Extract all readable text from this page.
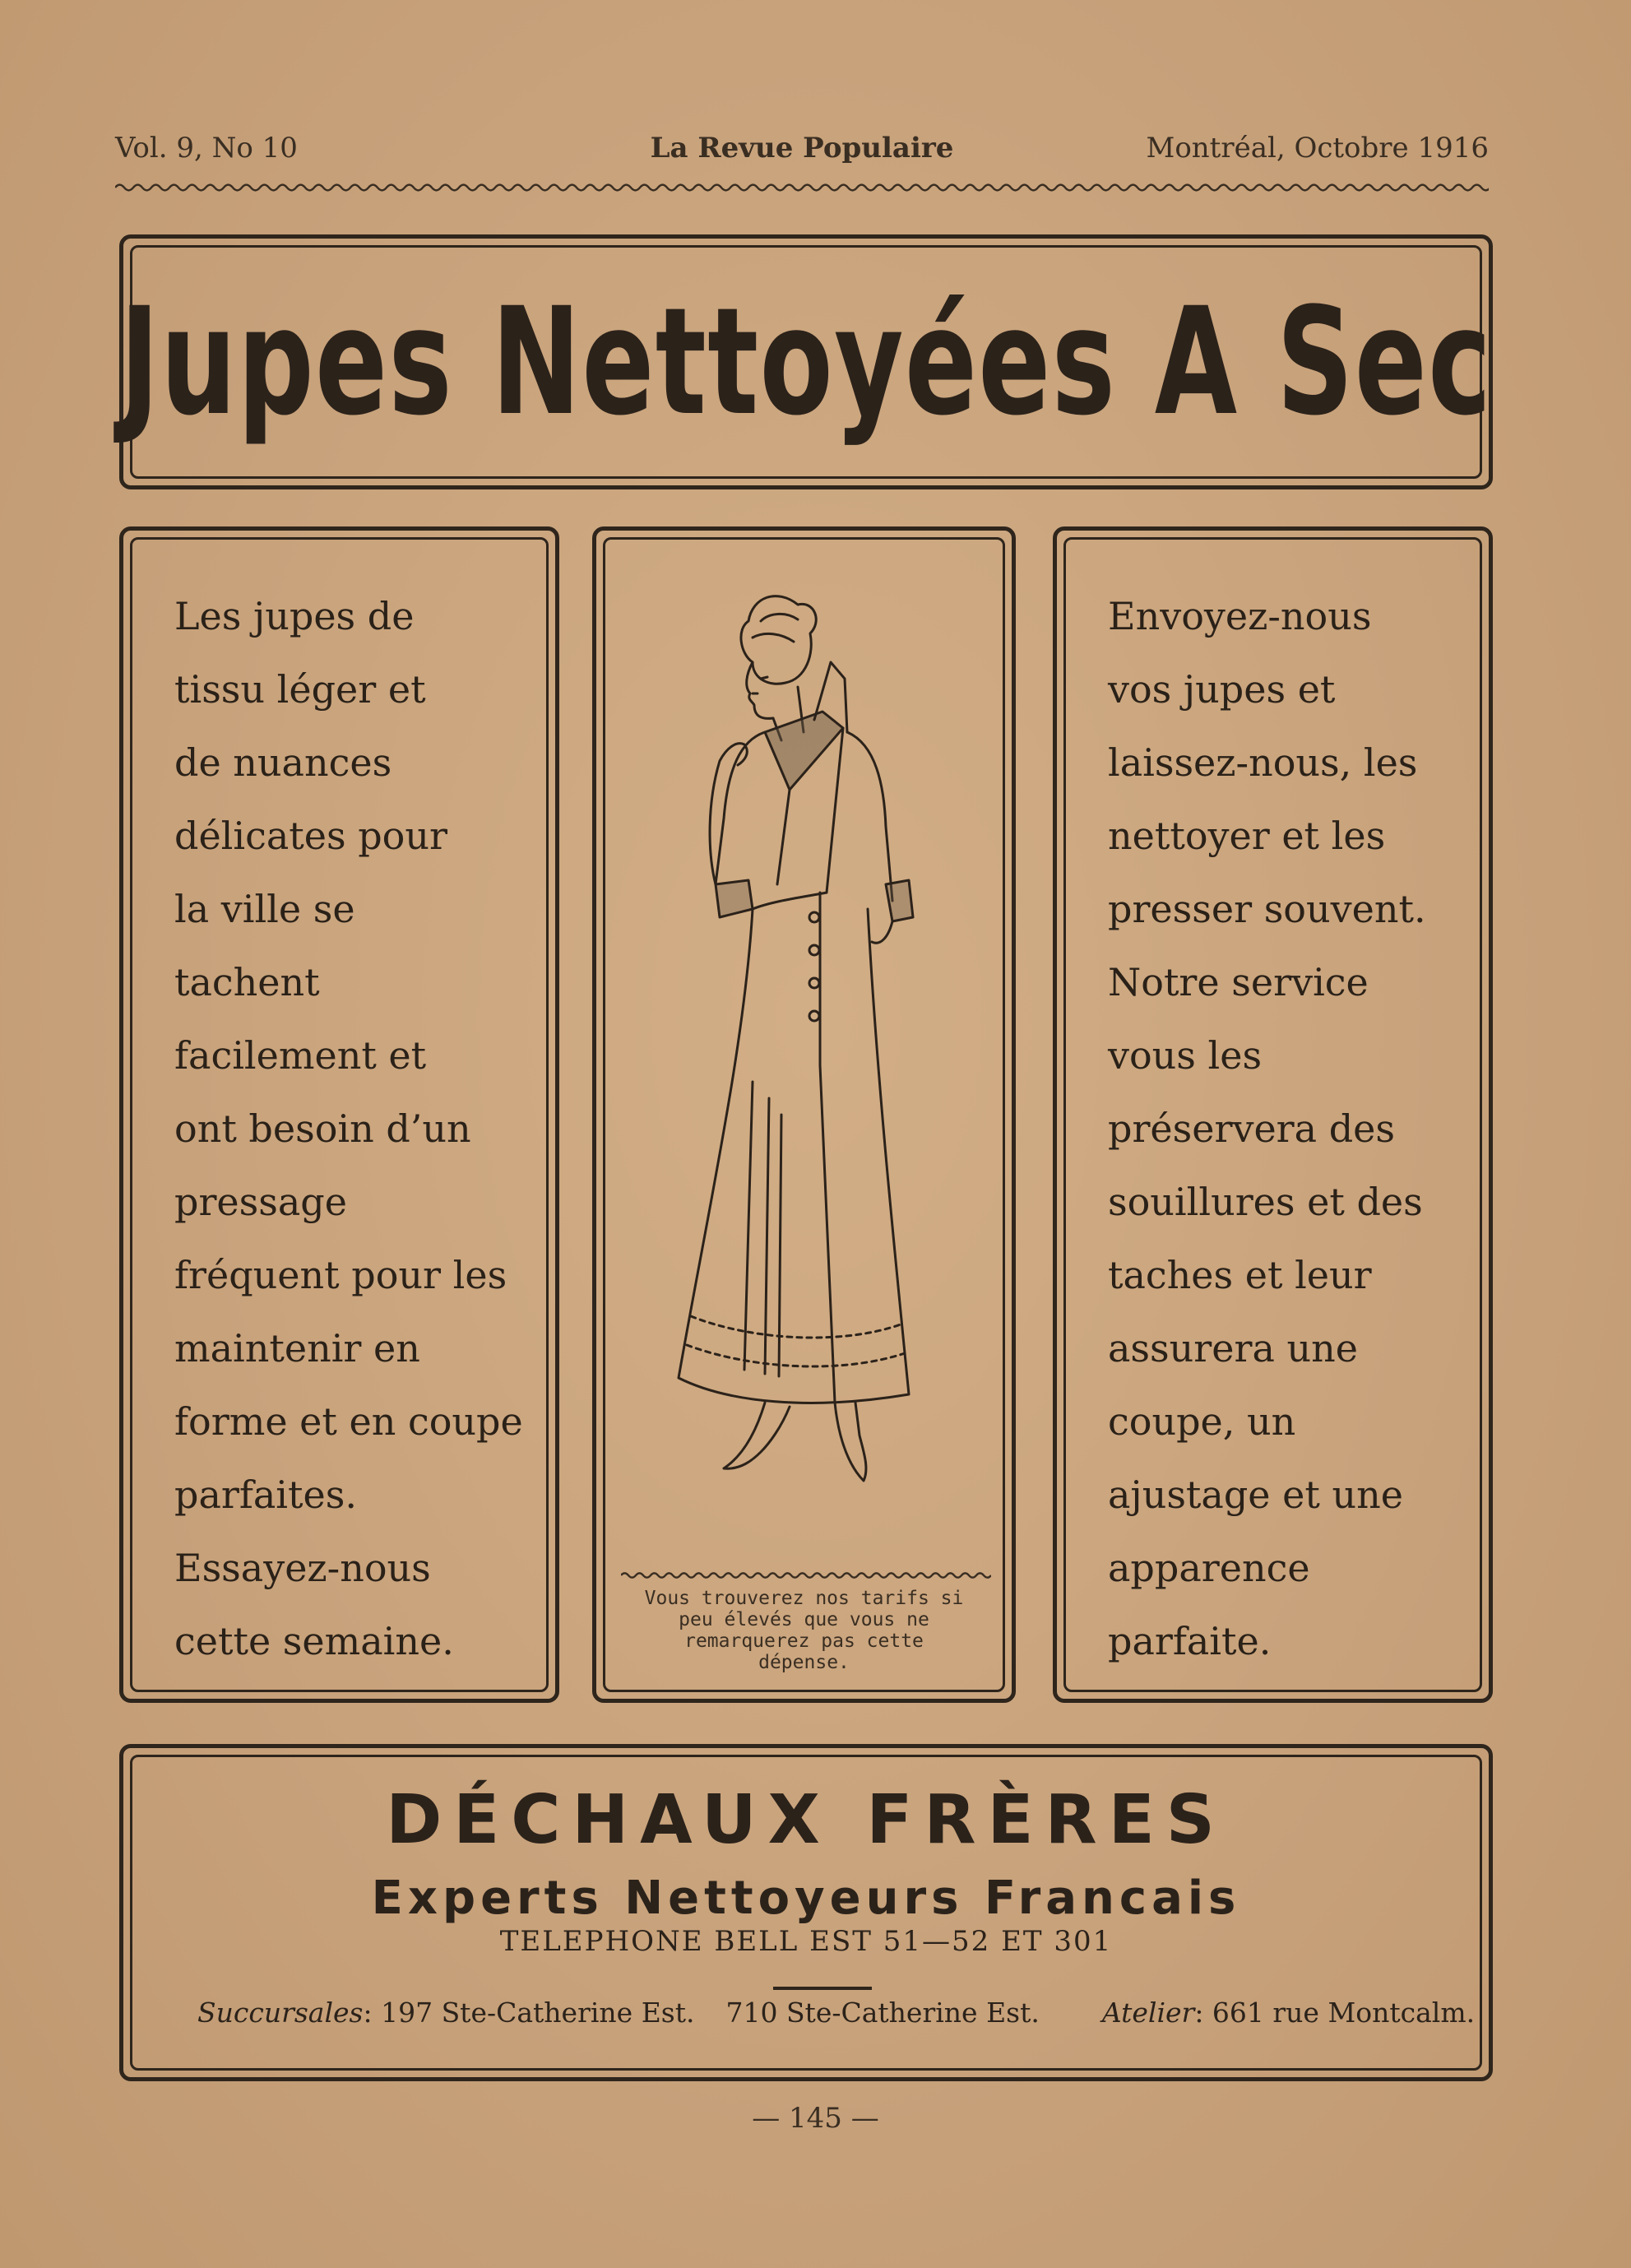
Vol. 9, No 10	La Revue Populaire	Montréal, Octobre 1916
Jupes Nettoyées A Sec
Les jupes de
tissu léger et
de nuances
délicates pour
la ville se
tachent
facilement et
ont besoin d’un
pressage
fréquent pour les
maintenir en
forme et en coupe
parfaites.
Essayez-nous
cette semaine.
Vous trouverez nos tarifs si
peu élevés que vous ne
remarquerez pas cette
dépense.
Envoyez-nous
vos jupes et
laissez-nous, les
nettoyer et les
presser souvent.
Notre service
vous les
préservera des
souillures et des
taches et leur
assurera une
coupe, un
ajustage et une
apparence
parfaite.
DÉCHAUX FRÈRES
Experts Nettoyeurs Francais
TELEPHONE BELL EST 51—52 ET 301
Succursales: 197 Ste-Catherine Est. 710 Ste-Catherine Est. Atelier: 661 rue Montcalm.
— 145 —
